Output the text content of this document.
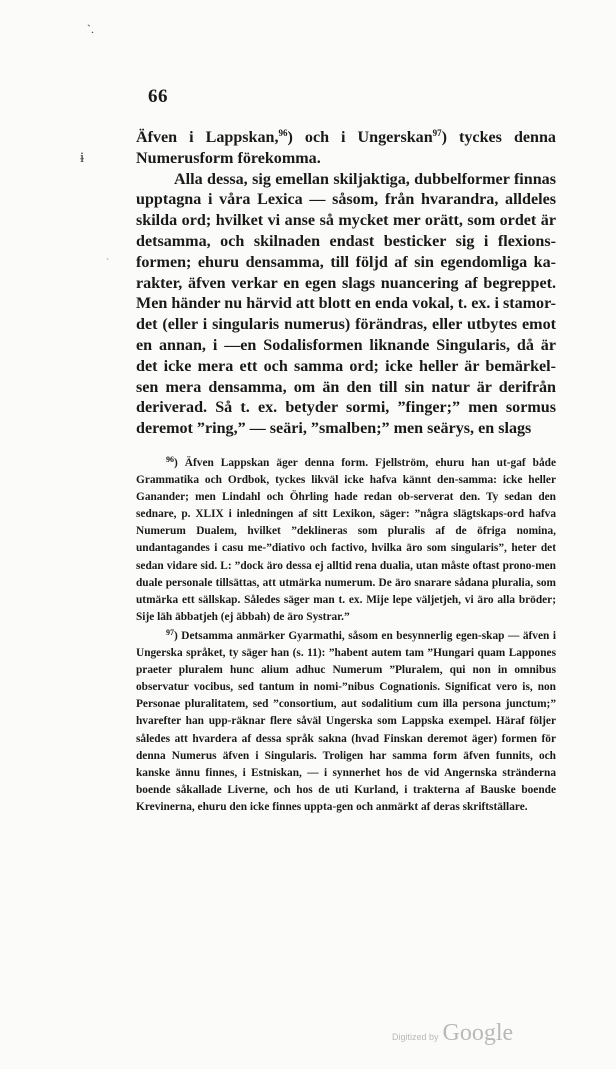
ˋ.
ɨ
ˋ
66

Äfven i Lappskan,$^{96}$) och i Ungerskan$^{97}$) tyckes denna Numerusform förekomma.

Alla dessa, sig emellan skiljaktiga, dubbelformer finnas upptagna i våra Lexica — såsom, från hvarandra, alldeles skilda ord; hvilket vi anse så mycket mer orätt, som ordet är detsamma, och skilnaden endast besticker sig i flexions-formen; ehuru densamma, till följd af sin egendomliga ka-rakter, äfven verkar en egen slags nuancering af begreppet. Men händer nu härvid att blott en enda vokal, t. ex. i stamor-det (eller i singularis numerus) förändras, eller utbytes emot en annan, i —en Sodalisformen liknande Singularis, då är det icke mera ett och samma ord; icke heller är bemärkel-sen mera densamma, om än den till sin natur är derifrån deriverad. Så t. ex. betyder sormi, ”finger;” men sormus deremot ”ring,” — seäri, ”smalben;” men seärys, en slags

$^{96}$) Äfven Lappskan äger denna form. Fjellström, ehuru han ut-gaf både Grammatika och Ordbok, tyckes likväl icke hafva kännt den-samma: icke heller Ganander; men Lindahl och Öhrling hade redan ob-serverat den. Ty sedan den sednare, p. XLIX i inledningen af sitt Lexikon, säger: ”några slägtskaps-ord hafva Numerum Dualem, hvilket ”deklineras som pluralis af de öfriga nomina, undantagandes i casu me-”diativo och factivo, hvilka äro som singularis”, heter det sedan vidare sid. L: ”dock äro dessa ej alltid rena dualia, utan måste oftast prono-men duale personale tillsättas, att utmärka numerum. De äro snarare sådana pluralia, som utmärka ett sällskap. Således säger man t. ex. Mije lepe väljetjeh, vi äro alla bröder; Sije läh äbbatjeh (ej äbbah) de äro Systrar.”

$^{97}$) Detsamma anmärker Gyarmathi, såsom en besynnerlig egen-skap — äfven i Ungerska språket, ty säger han (s. 11): ”habent autem tam ”Hungari quam Lappones praeter pluralem hunc alium adhuc Numerum ”Pluralem, qui non in omnibus observatur vocibus, sed tantum in nomi-”nibus Cognationis. Significat vero is, non Personae pluralitatem, sed ”consortium, aut sodalitium cum illa persona junctum;” hvarefter han upp-räknar flere såväl Ungerska som Lappska exempel. Häraf följer således att hvardera af dessa språk sakna (hvad Finskan deremot äger) formen för denna Numerus äfven i Singularis. Troligen har samma form äfven funnits, och kanske ännu finnes, i Estniskan, — i synnerhet hos de vid Angernska stränderna boende såkallade Liverne, och hos de uti Kurland, i trakterna af Bauske boende Krevinerna, ehuru den icke finnes uppta-gen och anmärkt af deras skriftställare.

Digitized by Google
